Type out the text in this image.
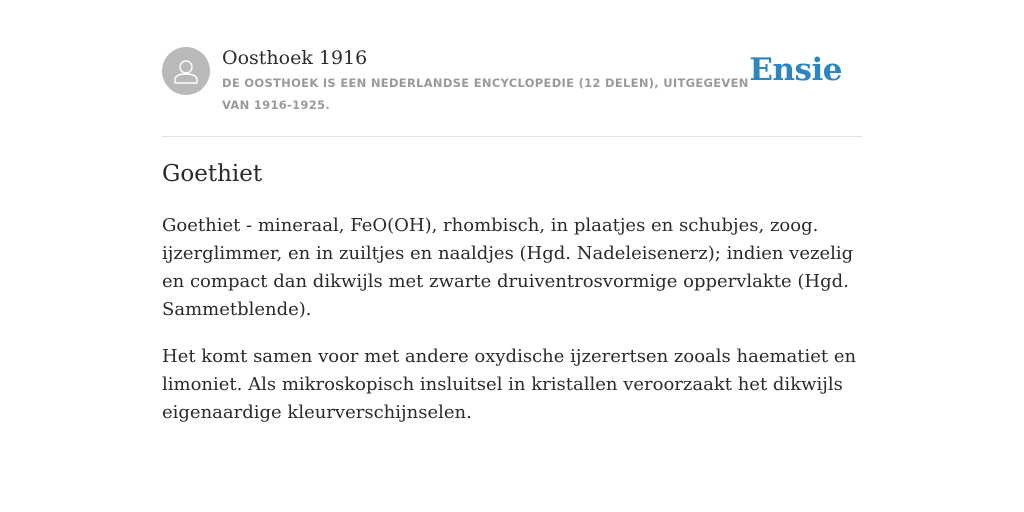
Oosthoek 1916
DE OOSTHOEK IS EEN NEDERLANDSE ENCYCLOPEDIE (12 DELEN), UITGEGEVEN VAN 1916-1925.
Ensie
Goethiet

Goethiet - mineraal, FeO(OH), rhombisch, in plaatjes en schubjes, zoog. ijzerglimmer, en in zuiltjes en naaldjes (Hgd. Nadeleisenerz); indien vezelig en compact dan dikwijls met zwarte druiventrosvormige oppervlakte (Hgd. Sammetblende).

Het komt samen voor met andere oxydische ijzerertsen zooals haematiet en limoniet. Als mikroskopisch insluitsel in kristallen veroorzaakt het dikwijls eigenaardige kleurverschijnselen.
